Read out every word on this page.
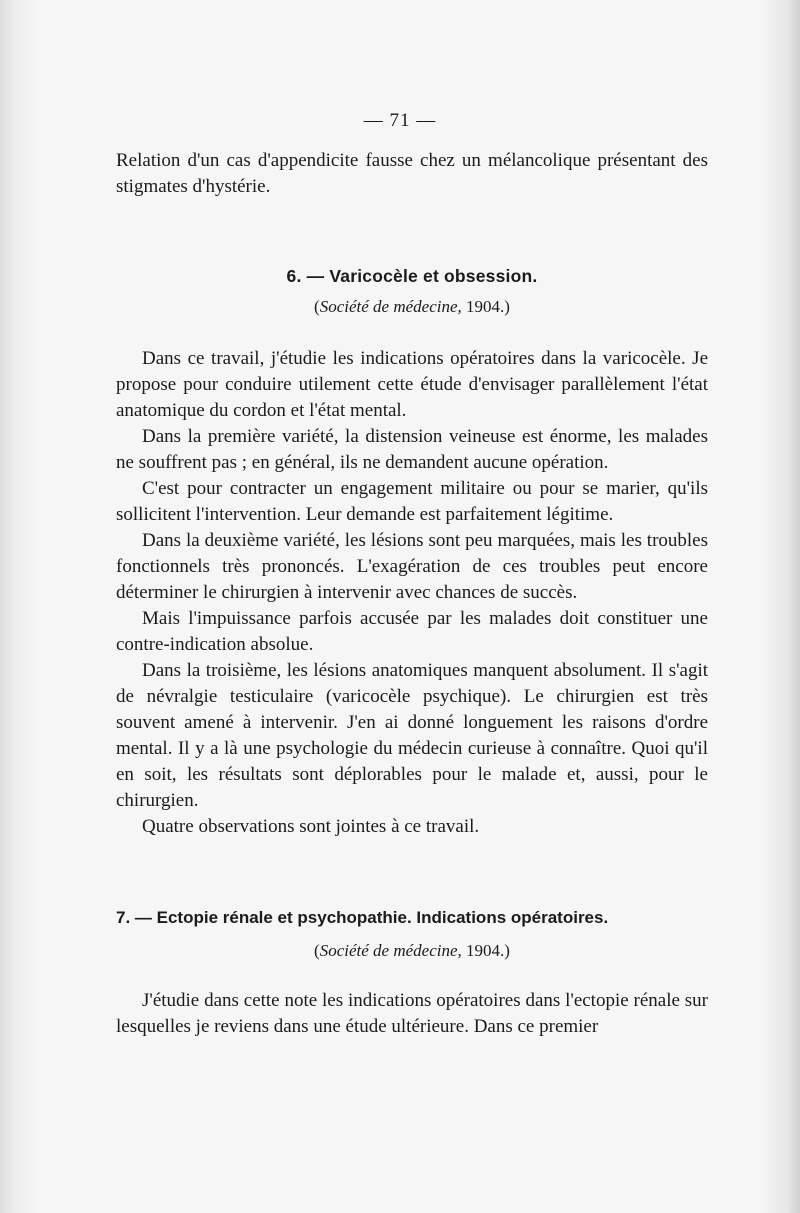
— 71 —

Relation d'un cas d'appendicite fausse chez un mélancolique présentant des stigmates d'hystérie.

6. — Varicocèle et obsession.
(Société de médecine, 1904.)

Dans ce travail, j'étudie les indications opératoires dans la varicocèle. Je propose pour conduire utilement cette étude d'envisager parallèlement l'état anatomique du cordon et l'état mental.

Dans la première variété, la distension veineuse est énorme, les malades ne souffrent pas ; en général, ils ne demandent aucune opération.

C'est pour contracter un engagement militaire ou pour se marier, qu'ils sollicitent l'intervention. Leur demande est parfaitement légitime.

Dans la deuxième variété, les lésions sont peu marquées, mais les troubles fonctionnels très prononcés. L'exagération de ces troubles peut encore déterminer le chirurgien à intervenir avec chances de succès.

Mais l'impuissance parfois accusée par les malades doit constituer une contre-indication absolue.

Dans la troisième, les lésions anatomiques manquent absolument. Il s'agit de névralgie testiculaire (varicocèle psychique). Le chirurgien est très souvent amené à intervenir. J'en ai donné longuement les raisons d'ordre mental. Il y a là une psychologie du médecin curieuse à connaître. Quoi qu'il en soit, les résultats sont déplorables pour le malade et, aussi, pour le chirurgien.

Quatre observations sont jointes à ce travail.

7. — Ectopie rénale et psychopathie. Indications opératoires.
(Société de médecine, 1904.)

J'étudie dans cette note les indications opératoires dans l'ectopie rénale sur lesquelles je reviens dans une étude ultérieure. Dans ce premier
